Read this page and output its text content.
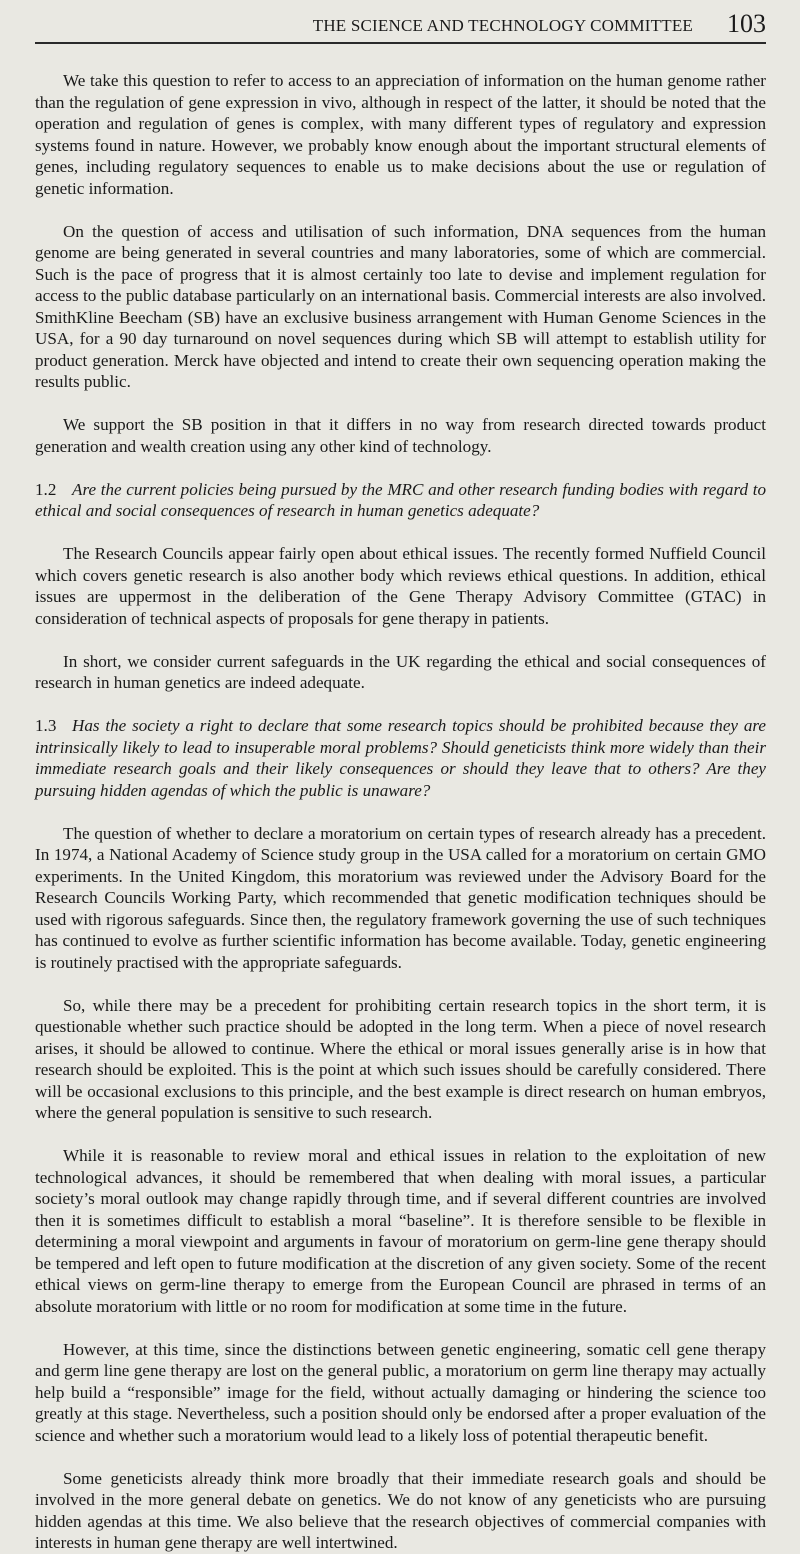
THE SCIENCE AND TECHNOLOGY COMMITTEE 103

We take this question to refer to access to an appreciation of information on the human genome rather than the regulation of gene expression in vivo, although in respect of the latter, it should be noted that the operation and regulation of genes is complex, with many different types of regulatory and expression systems found in nature. However, we probably know enough about the important structural elements of genes, including regulatory sequences to enable us to make decisions about the use or regulation of genetic information.

On the question of access and utilisation of such information, DNA sequences from the human genome are being generated in several countries and many laboratories, some of which are commercial. Such is the pace of progress that it is almost certainly too late to devise and implement regulation for access to the public database particularly on an international basis. Commercial interests are also involved. SmithKline Beecham (SB) have an exclusive business arrangement with Human Genome Sciences in the USA, for a 90 day turnaround on novel sequences during which SB will attempt to establish utility for product generation. Merck have objected and intend to create their own sequencing operation making the results public.

We support the SB position in that it differs in no way from research directed towards product generation and wealth creation using any other kind of technology.

1.2 Are the current policies being pursued by the MRC and other research funding bodies with regard to ethical and social consequences of research in human genetics adequate?

The Research Councils appear fairly open about ethical issues. The recently formed Nuffield Council which covers genetic research is also another body which reviews ethical questions. In addition, ethical issues are uppermost in the deliberation of the Gene Therapy Advisory Committee (GTAC) in consideration of technical aspects of proposals for gene therapy in patients.

In short, we consider current safeguards in the UK regarding the ethical and social consequences of research in human genetics are indeed adequate.

1.3 Has the society a right to declare that some research topics should be prohibited because they are intrinsically likely to lead to insuperable moral problems? Should geneticists think more widely than their immediate research goals and their likely consequences or should they leave that to others? Are they pursuing hidden agendas of which the public is unaware?

The question of whether to declare a moratorium on certain types of research already has a precedent. In 1974, a National Academy of Science study group in the USA called for a moratorium on certain GMO experiments. In the United Kingdom, this moratorium was reviewed under the Advisory Board for the Research Councils Working Party, which recommended that genetic modification techniques should be used with rigorous safeguards. Since then, the regulatory framework governing the use of such techniques has continued to evolve as further scientific information has become available. Today, genetic engineering is routinely practised with the appropriate safeguards.

So, while there may be a precedent for prohibiting certain research topics in the short term, it is questionable whether such practice should be adopted in the long term. When a piece of novel research arises, it should be allowed to continue. Where the ethical or moral issues generally arise is in how that research should be exploited. This is the point at which such issues should be carefully considered. There will be occasional exclusions to this principle, and the best example is direct research on human embryos, where the general population is sensitive to such research.

While it is reasonable to review moral and ethical issues in relation to the exploitation of new technological advances, it should be remembered that when dealing with moral issues, a particular society’s moral outlook may change rapidly through time, and if several different countries are involved then it is sometimes difficult to establish a moral “baseline”. It is therefore sensible to be flexible in determining a moral viewpoint and arguments in favour of moratorium on germ-line gene therapy should be tempered and left open to future modification at the discretion of any given society. Some of the recent ethical views on germ-line therapy to emerge from the European Council are phrased in terms of an absolute moratorium with little or no room for modification at some time in the future.

However, at this time, since the distinctions between genetic engineering, somatic cell gene therapy and germ line gene therapy are lost on the general public, a moratorium on germ line therapy may actually help build a “responsible” image for the field, without actually damaging or hindering the science too greatly at this stage. Nevertheless, such a position should only be endorsed after a proper evaluation of the science and whether such a moratorium would lead to a likely loss of potential therapeutic benefit.

Some geneticists already think more broadly that their immediate research goals and should be involved in the more general debate on genetics. We do not know of any geneticists who are pursuing hidden agendas at this time. We also believe that the research objectives of commercial companies with interests in human gene therapy are well intertwined.
